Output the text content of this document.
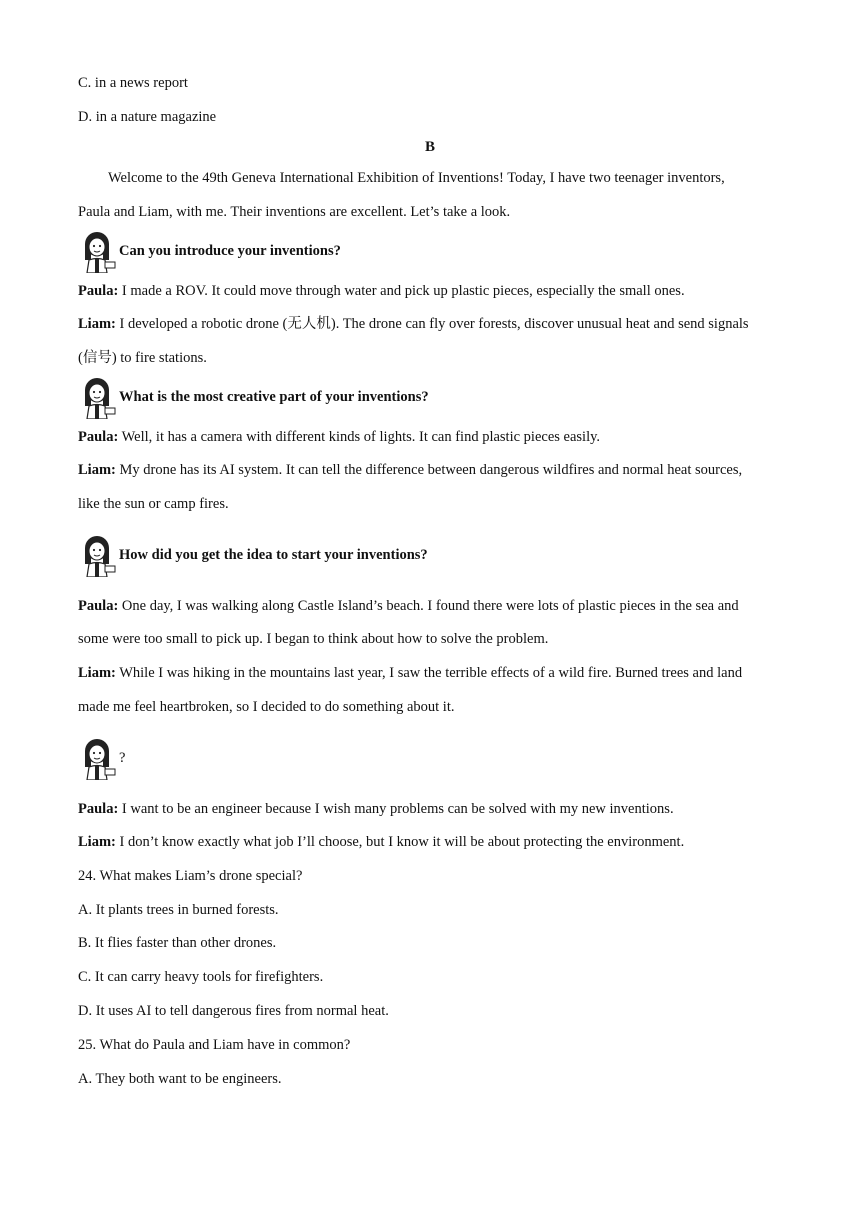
C. in a news report
D. in a nature magazine
B
Welcome to the 49th Geneva International Exhibition of Inventions! Today, I have two teenager inventors,
Paula and Liam, with me. Their inventions are excellent. Let’s take a look.
Can you introduce your inventions?
Paula: I made a ROV. It could move through water and pick up plastic pieces, especially the small ones.
Liam: I developed a robotic drone (无人机). The drone can fly over forests, discover unusual heat and send signals
(信号) to fire stations.
What is the most creative part of your inventions?
Paula: Well, it has a camera with different kinds of lights. It can find plastic pieces easily.
Liam: My drone has its AI system. It can tell the difference between dangerous wildfires and normal heat sources,
like the sun or camp fires.
How did you get the idea to start your inventions?
Paula: One day, I was walking along Castle Island’s beach. I found there were lots of plastic pieces in the sea and
some were too small to pick up. I began to think about how to solve the problem.
Liam: While I was hiking in the mountains last year, I saw the terrible effects of a wild fire. Burned trees and land
made me feel heartbroken, so I decided to do something about it.
?
Paula: I want to be an engineer because I wish many problems can be solved with my new inventions.
Liam: I don’t know exactly what job I’ll choose, but I know it will be about protecting the environment.
24. What makes Liam’s drone special?
A. It plants trees in burned forests.
B. It flies faster than other drones.
C. It can carry heavy tools for firefighters.
D. It uses AI to tell dangerous fires from normal heat.
25. What do Paula and Liam have in common?
A. They both want to be engineers.
